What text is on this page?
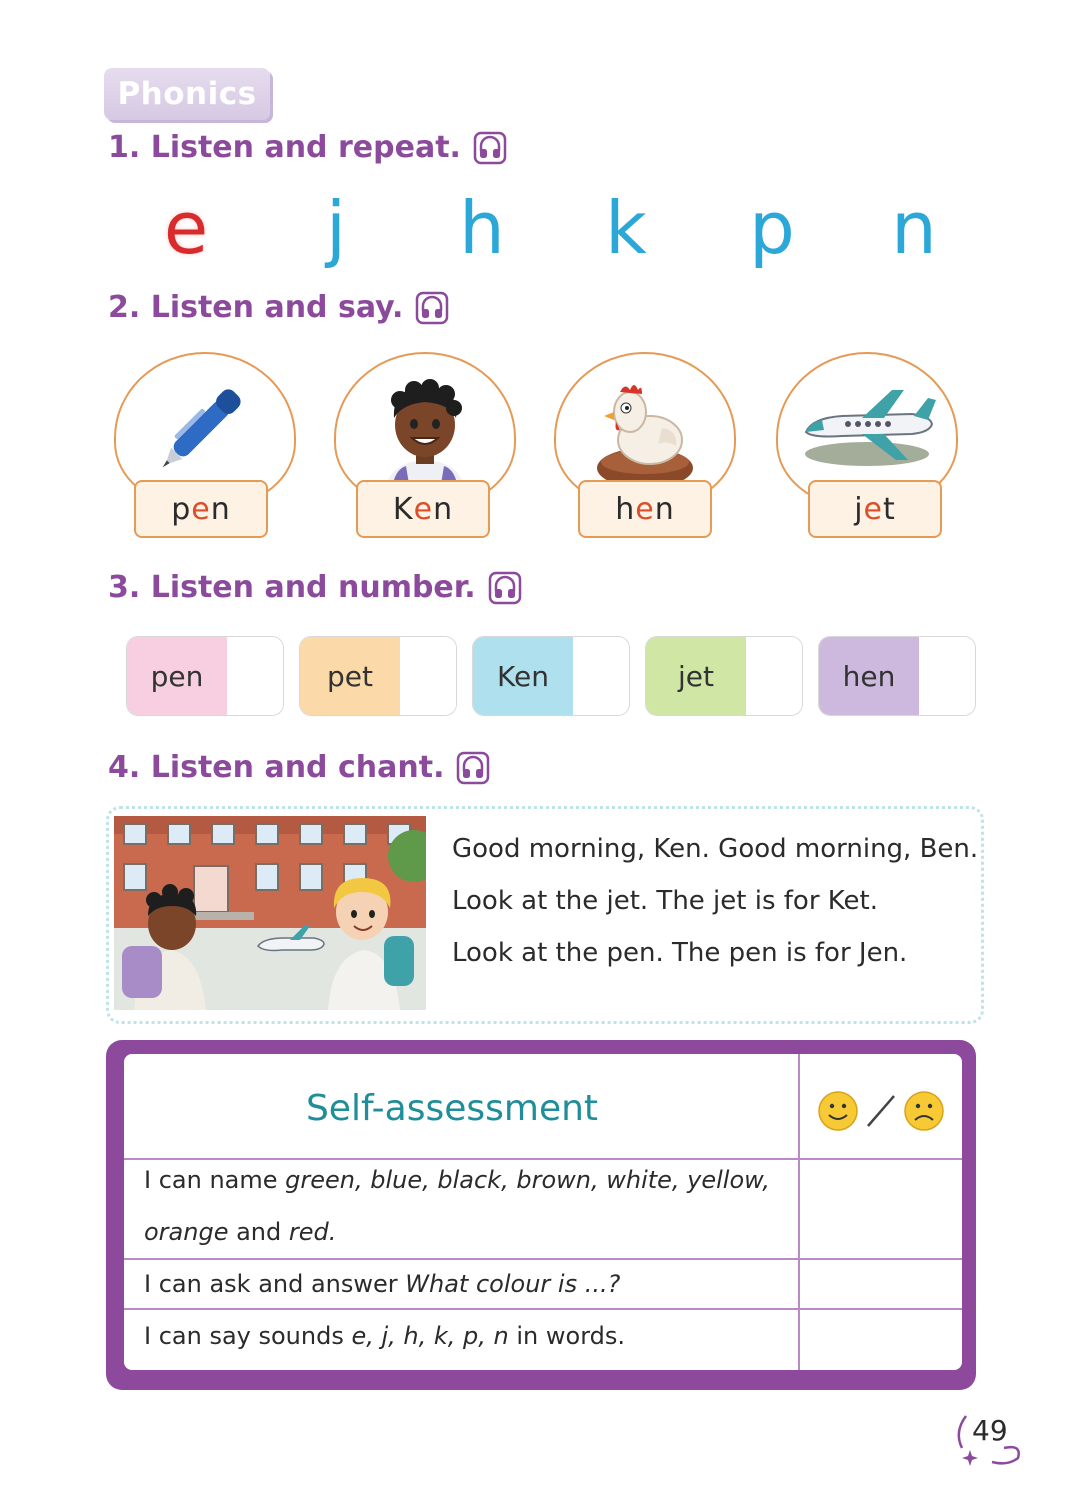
Phonics
1. Listen and repeat.
e	j	h k p n
2. Listen and say.
p e n	K e n	h e n	j e t
3. Listen and number.
pen	pet	Ken	jet	hen
4. Listen and chant.
Good morning, Ken. Good morning, Ben.
Look at the jet. The jet is for Ket.
Look at the pen. The pen is for Jen.
Self-assessment
I can name green, blue, black, brown, white, yellow,
orange and red.
I can ask and answer What colour is ...?
I can say sounds e, j, h, k, p, n in words.
49
